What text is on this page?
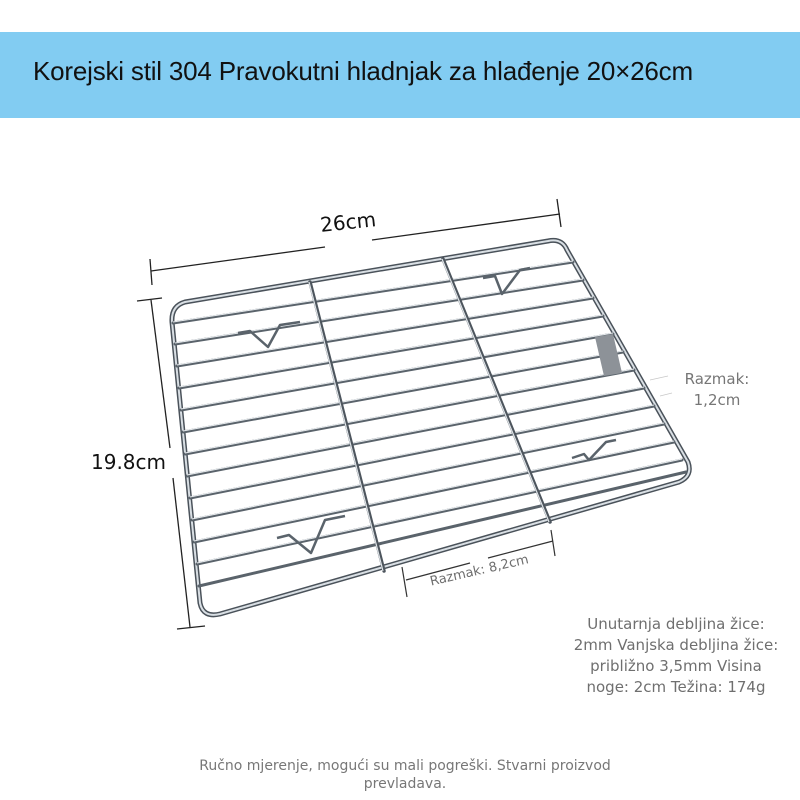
Korejski stil 304 Pravokutni hladnjak za hlađenje 20×26cm
26cm
19.8cm
Razmak:
1,2cm
Razmak: 8,2cm
Unutarnja debljina žice:
2mm Vanjska debljina žice:
približno 3,5mm Visina
noge: 2cm Težina: 174g
Ručno mjerenje, mogući su mali pogreški. Stvarni proizvod
prevladava.
